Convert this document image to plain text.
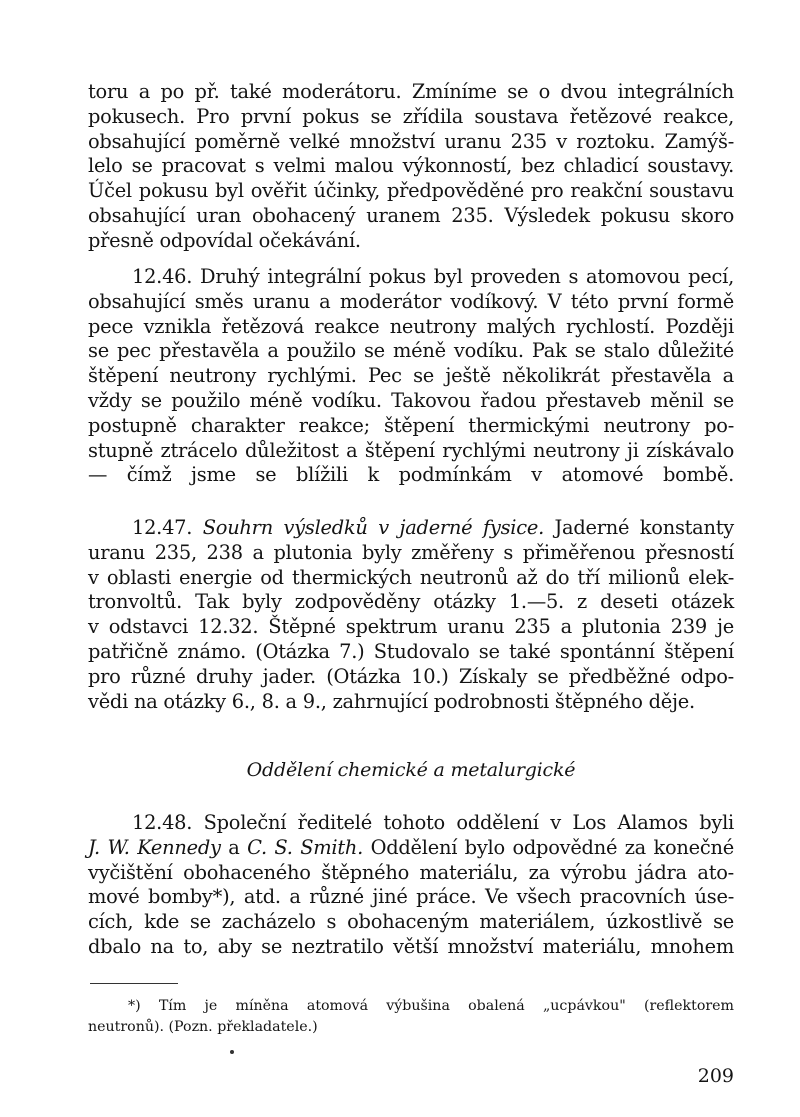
toru a po př. také moderátoru. Zmíníme se o dvou integrálních
pokusech. Pro první pokus se zřídila soustava řetězové reakce,
obsahující poměrně velké množství uranu 235 v roztoku. Zamýš-
lelo se pracovat s velmi malou výkonností, bez chladicí soustavy.
Účel pokusu byl ověřit účinky, předpověděné pro reakční soustavu
obsahující uran obohacený uranem 235. Výsledek pokusu skoro
přesně odpovídal očekávání.
12.46. Druhý integrální pokus byl proveden s atomovou pecí,
obsahující směs uranu a moderátor vodíkový. V této první formě
pece vznikla řetězová reakce neutrony malých rychlostí. Později
se pec přestavěla a použilo se méně vodíku. Pak se stalo důležité
štěpení neutrony rychlými. Pec se ještě několikrát přestavěla a
vždy se použilo méně vodíku. Takovou řadou přestaveb měnil se
postupně charakter reakce; štěpení thermickými neutrony po-
stupně ztrácelo důležitost a štěpení rychlými neutrony ji získávalo
— čímž jsme se blížili k podmínkám v atomové bombě.
12.47. Souhrn výsledků v jaderné fysice. Jaderné konstanty
uranu 235, 238 a plutonia byly změřeny s přiměřenou přesností
v oblasti energie od thermických neutronů až do tří milionů elek-
tronvoltů. Tak byly zodpověděny otázky 1.—5. z deseti otázek
v odstavci 12.32. Štěpné spektrum uranu 235 a plutonia 239 je
patřičně známo. (Otázka 7.) Studovalo se také spontánní štěpení
pro různé druhy jader. (Otázka 10.) Získaly se předběžné odpo-
vědi na otázky 6., 8. a 9., zahrnující podrobnosti štěpného děje.
Oddělení chemické a metalurgické
12.48. Společní ředitelé tohoto oddělení v Los Alamos byli
J. W. Kennedy a C. S. Smith. Oddělení bylo odpovědné za konečné
vyčištění obohaceného štěpného materiálu, za výrobu jádra ato-
mové bomby*), atd. a různé jiné práce. Ve všech pracovních úse-
cích, kde se zacházelo s obohaceným materiálem, úzkostlivě se
dbalo na to, aby se neztratilo větší množství materiálu, mnohem
*) Tím je míněna atomová výbušina obalená „ucpávkou" (reflektorem
neutronů). (Pozn. překladatele.)
209
